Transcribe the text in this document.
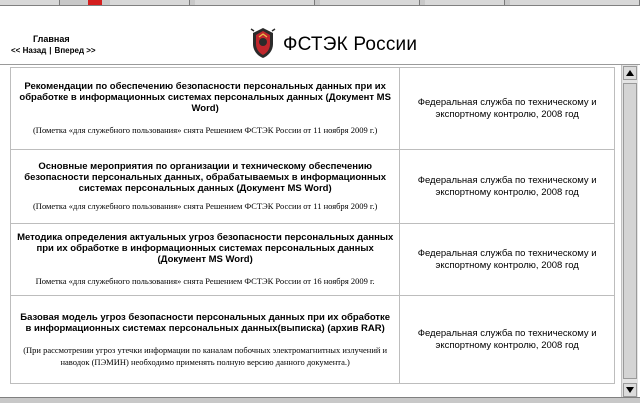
Главная
<< Назад | Вперед >>	ФСТЭК России
Рекомендации по обеспечению безопасности персональных данных при их обработке в информационных системах персональных данных (Документ MS Word)
(Пометка «для служебного пользования» снята Решением ФСТЭК России от 11 ноября 2009 г.)	Федеральная служба по техническому и экспортному контролю, 2008 год
Основные мероприятия по организации и техническому обеспечению безопасности персональных данных, обрабатываемых в информационных системах персональных данных (Документ MS Word)
(Пометка «для служебного пользования» снята Решением ФСТЭК России от 11 ноября 2009 г.)	Федеральная служба по техническому и экспортному контролю, 2008 год
Методика определения актуальных угроз безопасности персональных данных при их обработке в информационных системах персональных данных (Документ MS Word)
Пометка «для служебного пользования» снята Решением ФСТЭК России от 16 ноября 2009 г.	Федеральная служба по техническому и экспортному контролю, 2008 год
Базовая модель угроз безопасности персональных данных при их обработке в информационных системах персональных данных(выписка) (архив RAR)
(При рассмотрении угроз утечки информации по каналам побочных электромагнитных излучений и наводок (ПЭМИН) необходимо применять полную версию данного документа.)	Федеральная служба по техническому и экспортному контролю, 2008 год
